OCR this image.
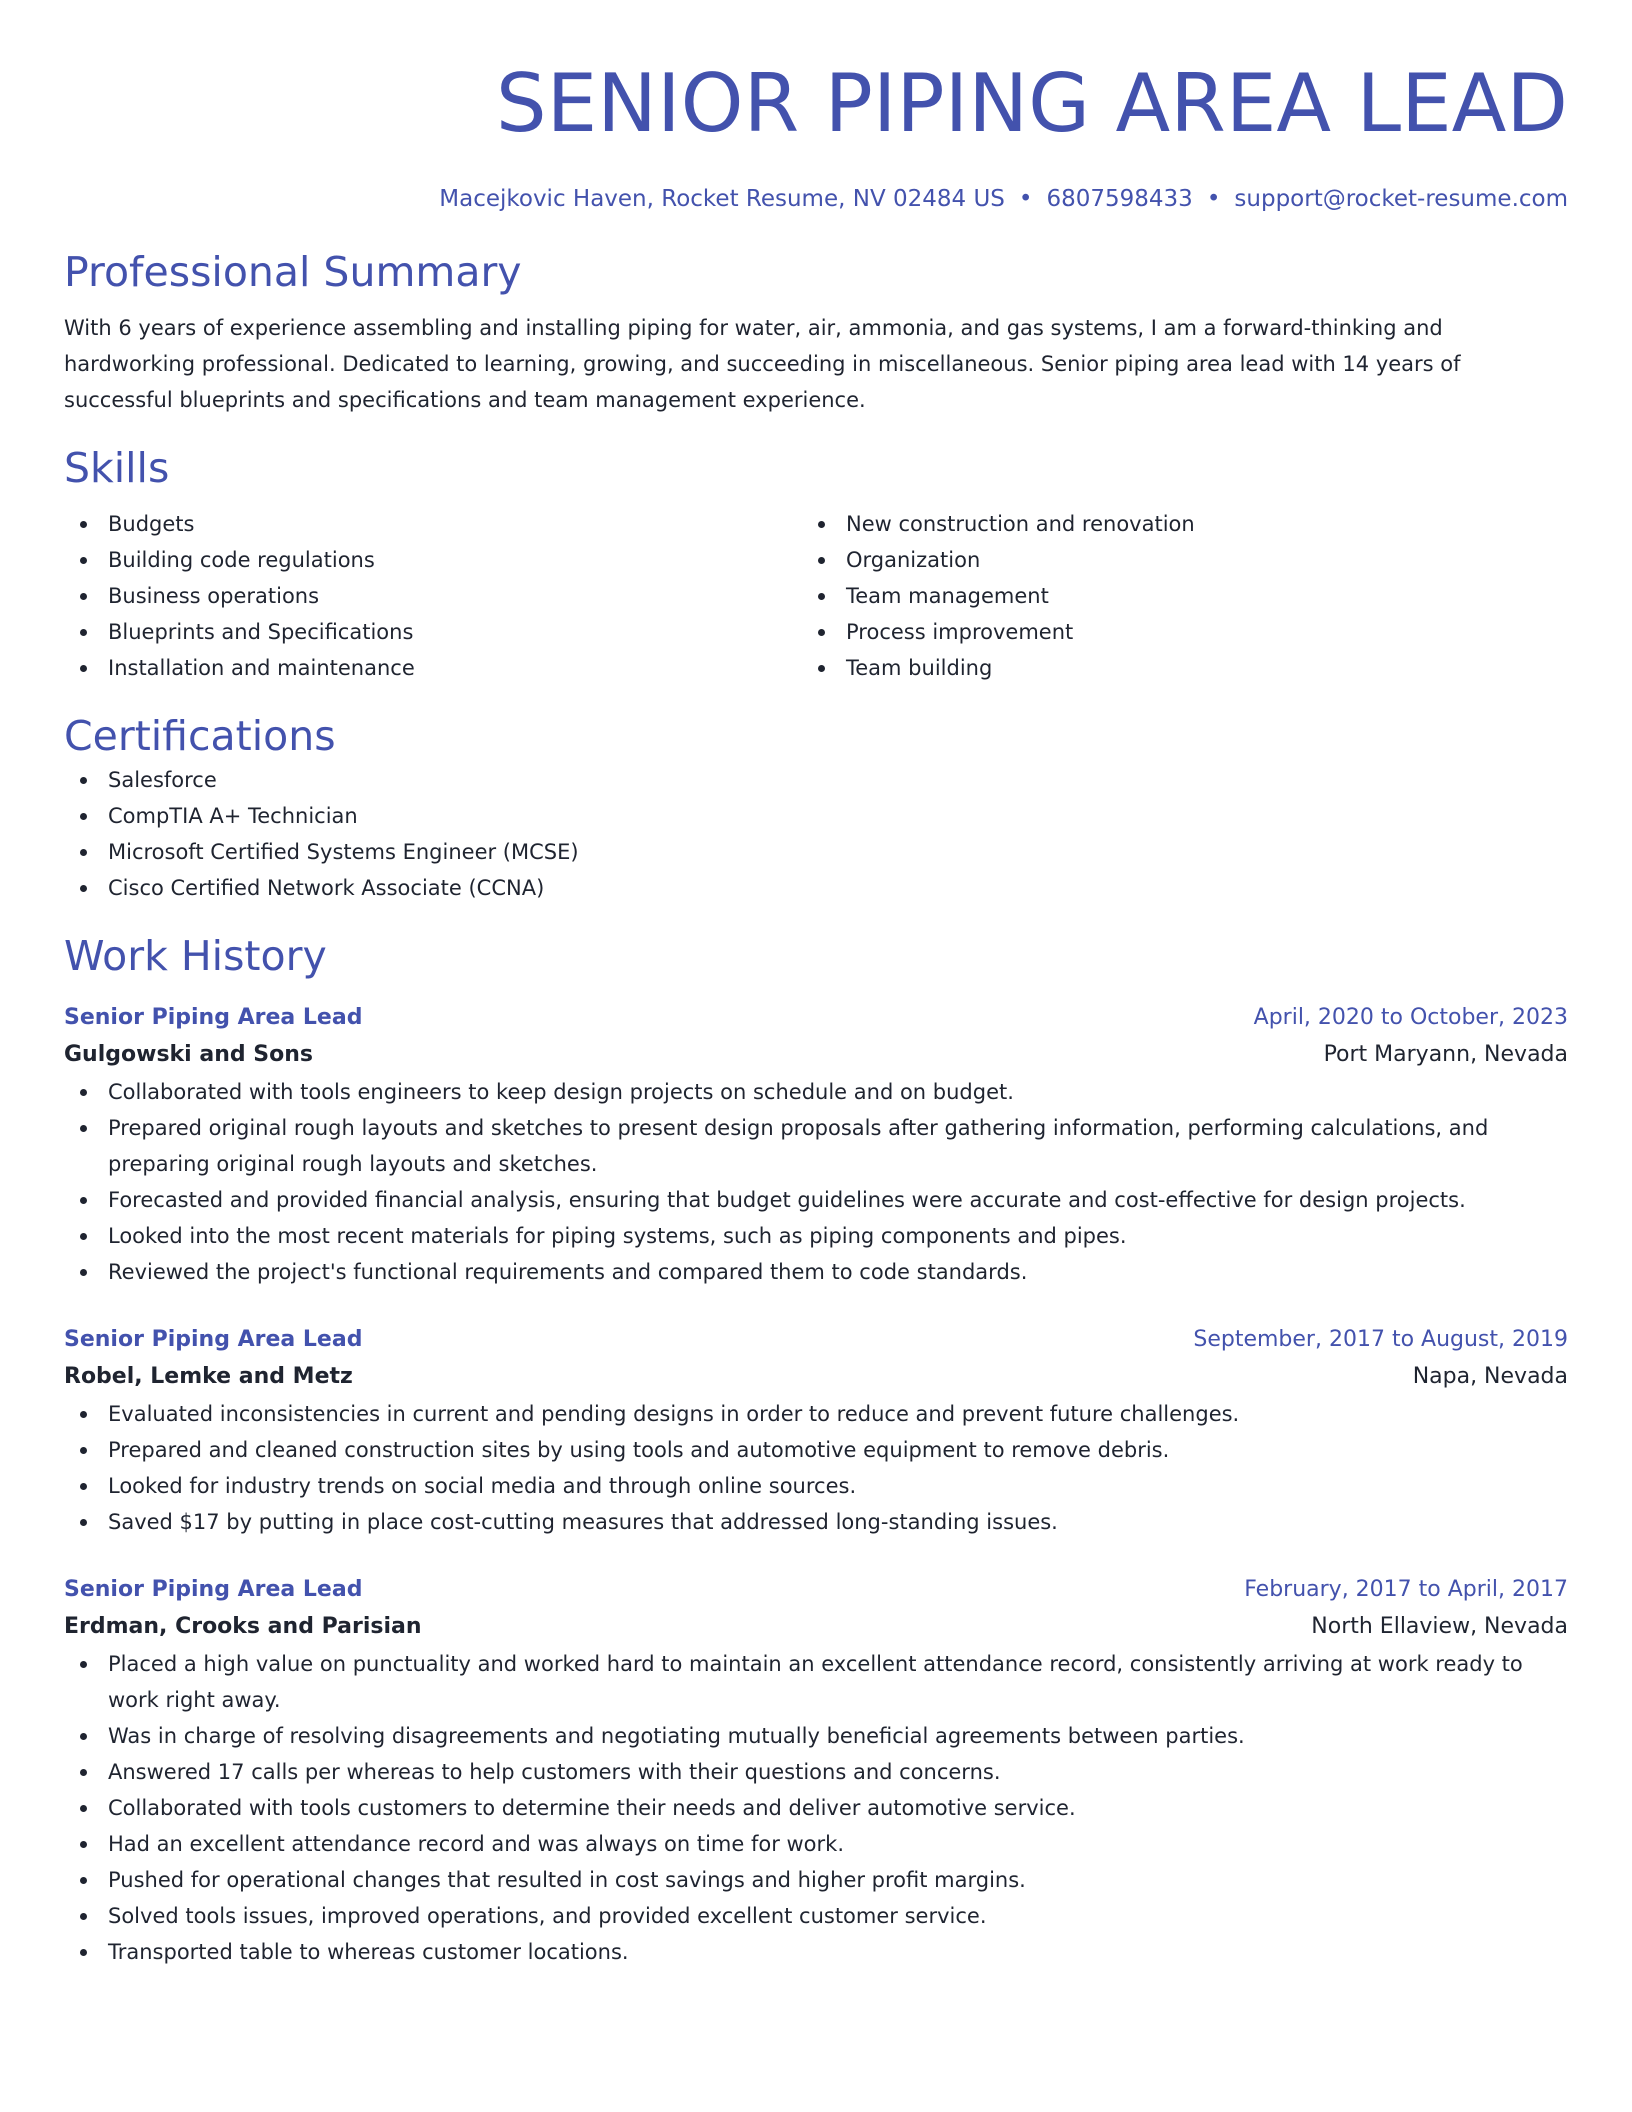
SENIOR PIPING AREA LEAD
Macejkovic Haven, Rocket Resume, NV 02484 US • 6807598433 • support@rocket-resume.com
Professional Summary

With 6 years of experience assembling and installing piping for water, air, ammonia, and gas systems, I am a forward-thinking and hardworking professional. Dedicated to learning, growing, and succeeding in miscellaneous. Senior piping area lead with 14 years of successful blueprints and specifications and team management experience.

Skills
Budgets
Building code regulations
Business operations
Blueprints and Specifications
Installation and maintenance
New construction and renovation
Organization
Team management
Process improvement
Team building
Certifications
Salesforce
CompTIA A+ Technician
Microsoft Certified Systems Engineer (MCSE)
Cisco Certified Network Associate (CCNA)
Work History
Senior Piping Area Lead	April, 2020 to October, 2023
Gulgowski and Sons	Port Maryann, Nevada
Collaborated with tools engineers to keep design projects on schedule and on budget.
Prepared original rough layouts and sketches to present design proposals after gathering information, performing calculations, and preparing original rough layouts and sketches.
Forecasted and provided financial analysis, ensuring that budget guidelines were accurate and cost-effective for design projects.
Looked into the most recent materials for piping systems, such as piping components and pipes.
Reviewed the project's functional requirements and compared them to code standards.
Senior Piping Area Lead	September, 2017 to August, 2019
Robel, Lemke and Metz	Napa, Nevada
Evaluated inconsistencies in current and pending designs in order to reduce and prevent future challenges.
Prepared and cleaned construction sites by using tools and automotive equipment to remove debris.
Looked for industry trends on social media and through online sources.
Saved $17 by putting in place cost-cutting measures that addressed long-standing issues.
Senior Piping Area Lead	February, 2017 to April, 2017
Erdman, Crooks and Parisian	North Ellaview, Nevada
Placed a high value on punctuality and worked hard to maintain an excellent attendance record, consistently arriving at work ready to work right away.
Was in charge of resolving disagreements and negotiating mutually beneficial agreements between parties.
Answered 17 calls per whereas to help customers with their questions and concerns.
Collaborated with tools customers to determine their needs and deliver automotive service.
Had an excellent attendance record and was always on time for work.
Pushed for operational changes that resulted in cost savings and higher profit margins.
Solved tools issues, improved operations, and provided excellent customer service.
Transported table to whereas customer locations.
